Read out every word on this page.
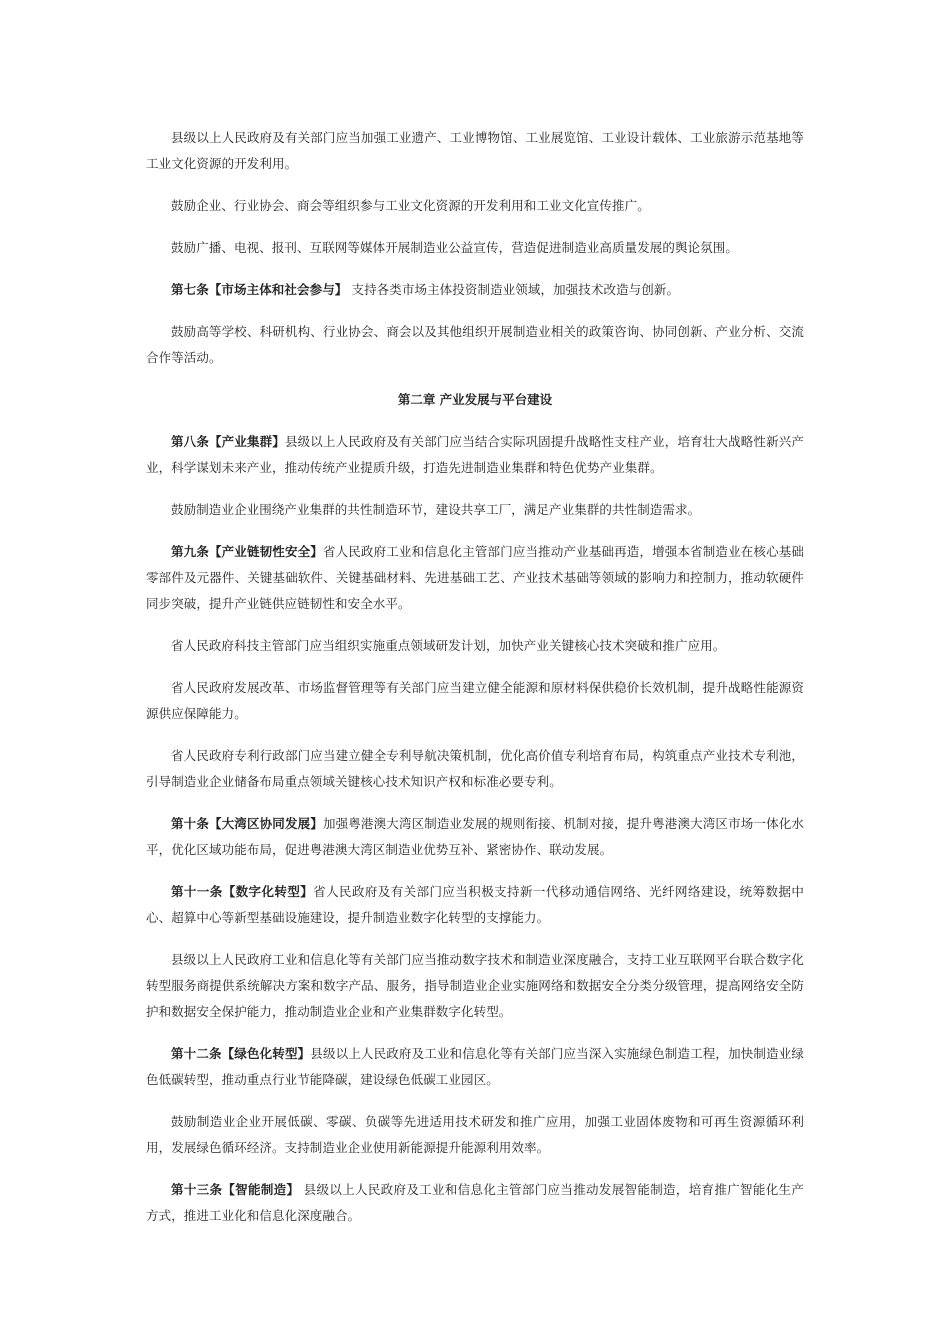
县级以上人民政府及有关部门应当加强工业遗产、工业博物馆、工业展览馆、工业设计载体、工业旅游示范基地等工业文化资源的开发利用。

鼓励企业、行业协会、商会等组织参与工业文化资源的开发利用和工业文化宣传推广。

鼓励广播、电视、报刊、互联网等媒体开展制造业公益宣传，营造促进制造业高质量发展的舆论氛围。

第七条【市场主体和社会参与】 支持各类市场主体投资制造业领域，加强技术改造与创新。

鼓励高等学校、科研机构、行业协会、商会以及其他组织开展制造业相关的政策咨询、协同创新、产业分析、交流合作等活动。

第二章 产业发展与平台建设

第八条【产业集群】县级以上人民政府及有关部门应当结合实际巩固提升战略性支柱产业，培育壮大战略性新兴产业，科学谋划未来产业，推动传统产业提质升级，打造先进制造业集群和特色优势产业集群。

鼓励制造业企业围绕产业集群的共性制造环节，建设共享工厂，满足产业集群的共性制造需求。

第九条【产业链韧性安全】省人民政府工业和信息化主管部门应当推动产业基础再造，增强本省制造业在核心基础零部件及元器件、关键基础软件、关键基础材料、先进基础工艺、产业技术基础等领域的影响力和控制力，推动软硬件同步突破，提升产业链供应链韧性和安全水平。

省人民政府科技主管部门应当组织实施重点领域研发计划，加快产业关键核心技术突破和推广应用。

省人民政府发展改革、市场监督管理等有关部门应当建立健全能源和原材料保供稳价长效机制，提升战略性能源资源供应保障能力。

省人民政府专利行政部门应当建立健全专利导航决策机制，优化高价值专利培育布局，构筑重点产业技术专利池，引导制造业企业储备布局重点领域关键核心技术知识产权和标准必要专利。

第十条【大湾区协同发展】加强粤港澳大湾区制造业发展的规则衔接、机制对接，提升粤港澳大湾区市场一体化水平，优化区域功能布局，促进粤港澳大湾区制造业优势互补、紧密协作、联动发展。

第十一条【数字化转型】省人民政府及有关部门应当积极支持新一代移动通信网络、光纤网络建设，统筹数据中心、超算中心等新型基础设施建设，提升制造业数字化转型的支撑能力。

县级以上人民政府工业和信息化等有关部门应当推动数字技术和制造业深度融合，支持工业互联网平台联合数字化转型服务商提供系统解决方案和数字产品、服务，指导制造业企业实施网络和数据安全分类分级管理，提高网络安全防护和数据安全保护能力，推动制造业企业和产业集群数字化转型。

第十二条【绿色化转型】县级以上人民政府及工业和信息化等有关部门应当深入实施绿色制造工程，加快制造业绿色低碳转型，推动重点行业节能降碳，建设绿色低碳工业园区。

鼓励制造业企业开展低碳、零碳、负碳等先进适用技术研发和推广应用，加强工业固体废物和可再生资源循环利用，发展绿色循环经济。支持制造业企业使用新能源提升能源利用效率。

第十三条【智能制造】 县级以上人民政府及工业和信息化主管部门应当推动发展智能制造，培育推广智能化生产方式，推进工业化和信息化深度融合。
